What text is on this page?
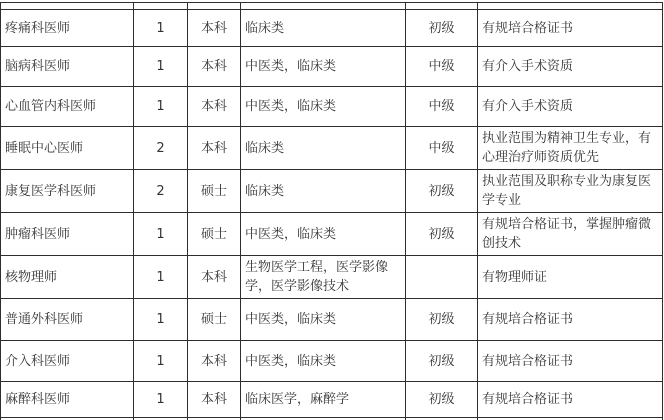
疼痛科医师	1	本科	临床类	初级	有规培合格证书
脑病科医师	1	本科	中医类，临床类	中级	有介入手术资质
心血管内科医师	1	本科	中医类，临床类	中级	有介入手术资质
睡眠中心医师	2	本科	临床类	中级	执业范围为精神卫生专业，有心理治疗师资质优先
康复医学科医师	2	硕士	临床类	初级	执业范围及职称专业为康复医学专业
肿瘤科医师	1	硕士	中医类，临床类	初级	有规培合格证书，掌握肿瘤微创技术
核物理师	1	本科	生物医学工程，医学影像学，医学影像技术		有物理师证
普通外科医师	1	硕士	中医类，临床类	初级	有规培合格证书
介入科医师	1	本科	中医类，临床类	初级	有规培合格证书
麻醉科医师	1	本科	临床医学，麻醉学	初级	有规培合格证书
